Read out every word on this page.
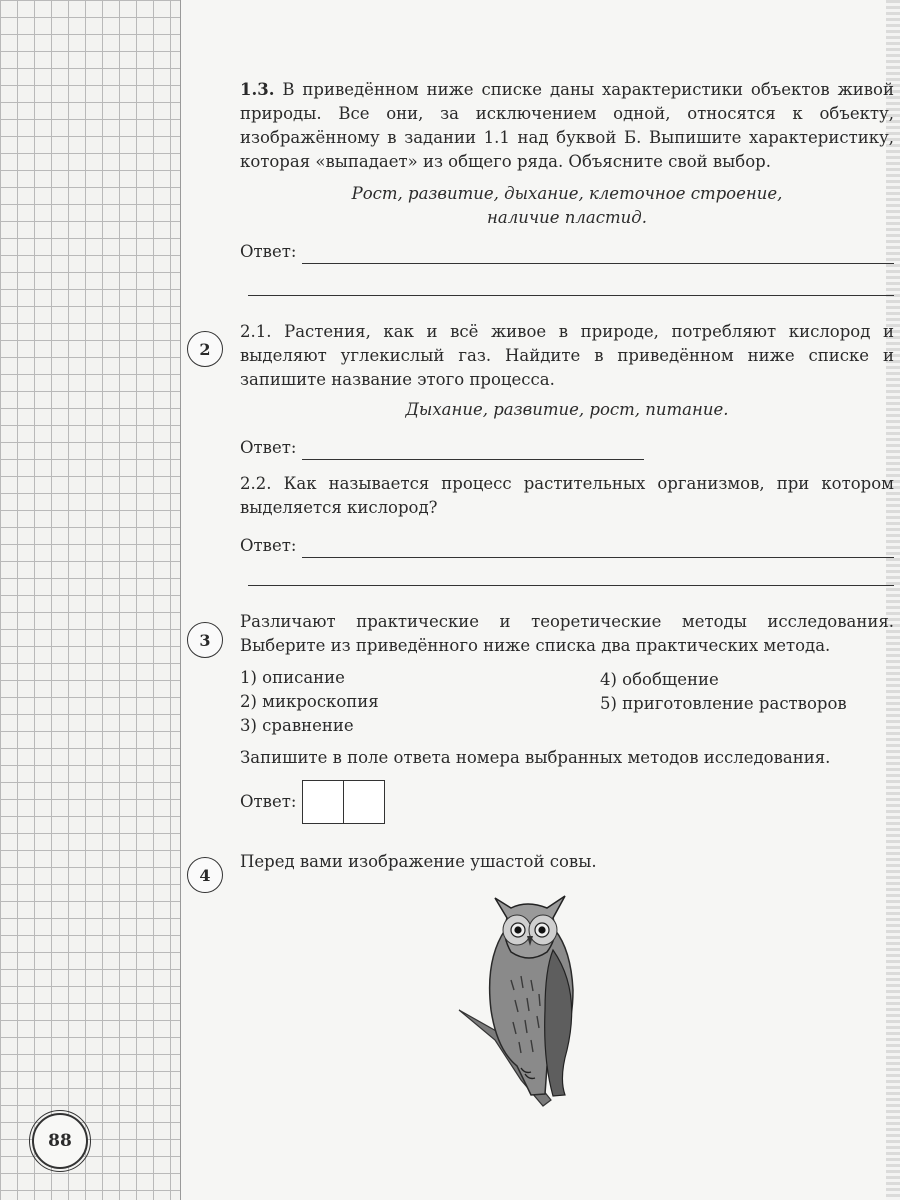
2
3
4

1.3. В приведённом ниже списке даны характеристики объектов живой природы. Все они, за исключением одной, относятся к объекту, изображённому в задании 1.1 над буквой Б. Выпишите характеристику, которая «выпадает» из общего ряда. Объясните свой выбор.

Рост, развитие, дыхание, клеточное строение,

наличие пластид.

Ответ:

2.1. Растения, как и всё живое в природе, потребляют кислород и выделяют углекислый газ. Найдите в приведённом ниже списке и запишите название этого процесса.

Дыхание, развитие, рост, питание.

Ответ:

2.2. Как называется процесс растительных организмов, при котором выделяется кислород?

Ответ:

Различают практические и теоретические методы исследования. Выберите из приведённого ниже списка два практических метода.

1) описание
2) микроскопия
3) сравнение
4) обобщение
5) приготовление растворов

Запишите в поле ответа номера выбранных методов исследования.

Ответ:

Перед вами изображение ушастой совы.

88
